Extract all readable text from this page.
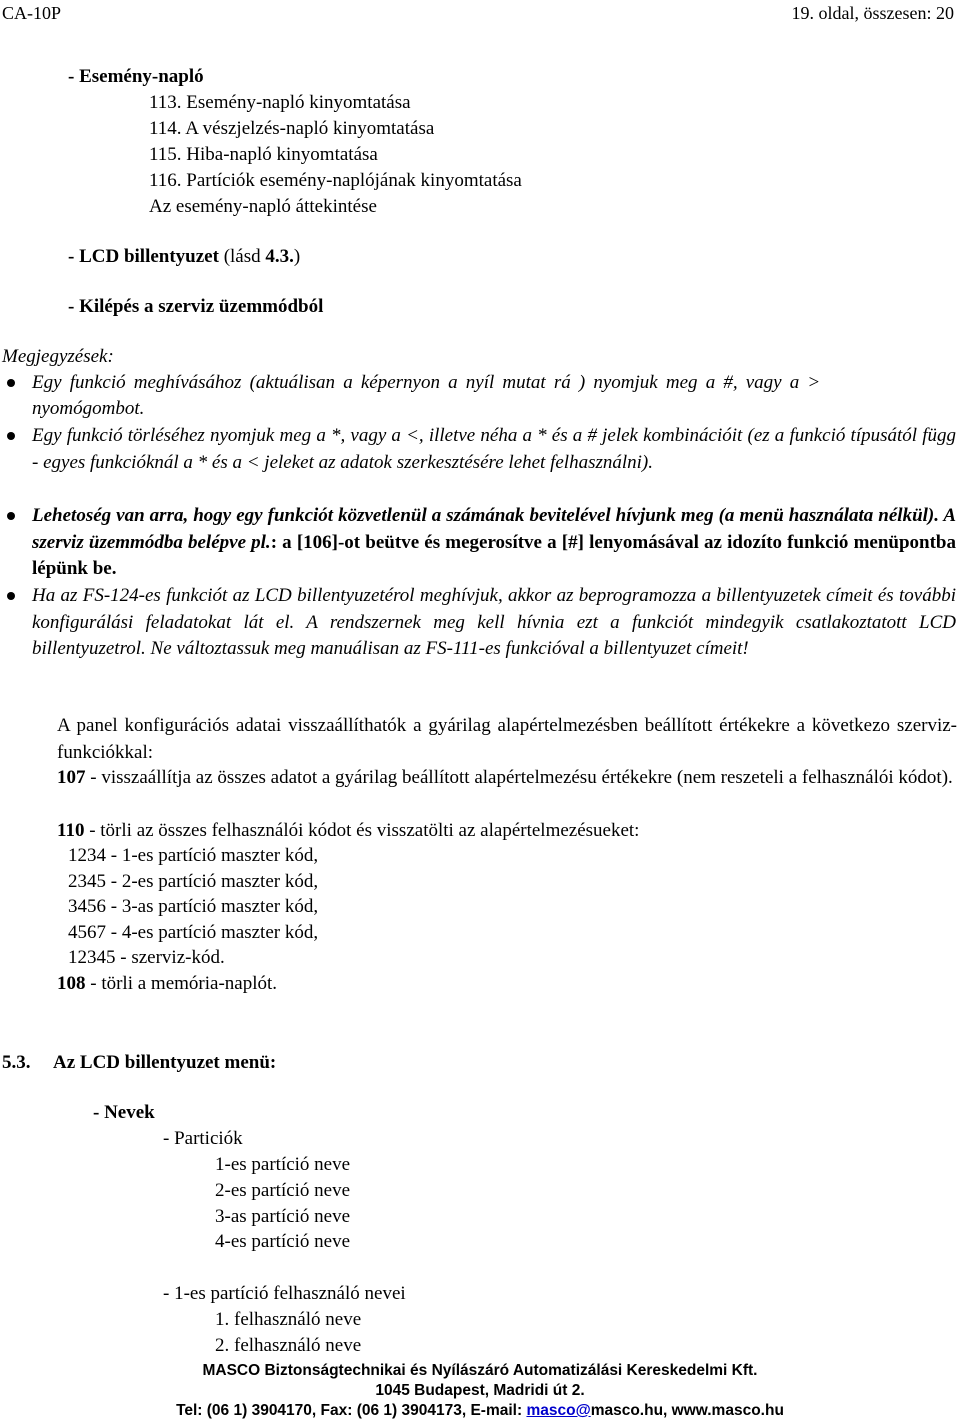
CA-10P	19. oldal, összesen: 20
- Esemény-napló
113. Esemény-napló kinyomtatása
114. A vészjelzés-napló kinyomtatása
115. Hiba-napló kinyomtatása
116. Partíciók esemény-naplójának kinyomtatása
Az esemény-napló áttekintése
- LCD billentyuzet (lásd 4.3.)
- Kilépés a szerviz üzemmódból
Megjegyzések:
Egy funkció meghívásához (aktuálisan a képernyon a nyíl mutat rá ) nyomjuk meg a #, vagy a >
nyomógombot.
Egy funkció törléséhez nyomjuk meg a *, vagy a <, illetve néha a * és a # jelek kombinációit (ez a funkció típusától függ - egyes funkcióknál a * és a < jeleket az adatok szerkesztésére lehet felhasználni).
Lehetoség van arra, hogy egy funkciót közvetlenül a számának bevitelével hívjunk meg (a menü használata nélkül). A szerviz üzemmódba belépve pl.: a [106]-ot beütve és megerosítve a [#] lenyomásával az idozíto funkció menüpontba lépünk be.
Ha az FS-124-es funkciót az LCD billentyuzetérol meghívjuk, akkor az beprogramozza a billentyuzetek címeit és további konfigurálási feladatokat lát el. A rendszernek meg kell hívnia ezt a funkciót mindegyik csatlakoztatott LCD billentyuzetrol. Ne változtassuk meg manuálisan az FS-111-es funkcióval a billentyuzet címeit!
A panel konfigurációs adatai visszaállíthatók a gyárilag alapértelmezésben beállított értékekre a következo szerviz-funkciókkal:
107 - visszaállítja az összes adatot a gyárilag beállított alapértelmezésu értékekre (nem reszeteli a felhasználói kódot).
110 - törli az összes felhasználói kódot és visszatölti az alapértelmezésueket:
1234 - 1-es partíció maszter kód,
2345 - 2-es partíció maszter kód,
3456 - 3-as partíció maszter kód,
4567 - 4-es partíció maszter kód,
12345 - szerviz-kód.
108 - törli a memória-naplót.
5.3. Az LCD billentyuzet menü:
- Nevek
- Particiók
1-es partíció neve
2-es partíció neve
3-as partíció neve
4-es partíció neve
- 1-es partíció felhasználó nevei
1. felhasználó neve
2. felhasználó neve
MASCO Biztonságtechnikai és Nyílászáró Automatizálási Kereskedelmi Kft.
1045 Budapest, Madridi út 2.
Tel: (06 1) 3904170, Fax: (06 1) 3904173, E-mail: masco@masco.hu, www.masco.hu
